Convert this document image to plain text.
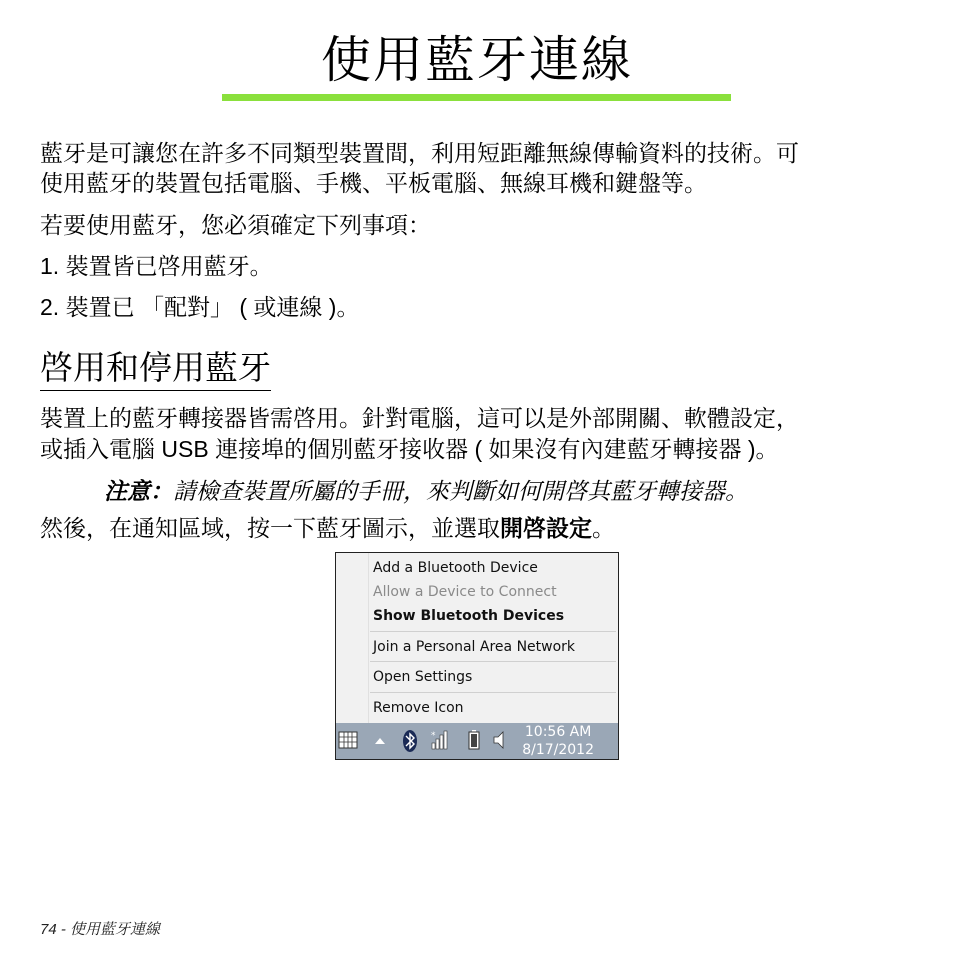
使用藍牙連線
藍牙是可讓您在許多不同類型裝置間，利用短距離無線傳輸資料的技術。可
使用藍牙的裝置包括電腦、手機、平板電腦、無線耳機和鍵盤等。
若要使用藍牙，您必須確定下列事項：
1. 裝置皆已啓用藍牙。
2. 裝置已 「配對」 ( 或連線 )。
啓用和停用藍牙
裝置上的藍牙轉接器皆需啓用。針對電腦，這可以是外部開關、軟體設定，
或插入電腦 USB 連接埠的個別藍牙接收器 ( 如果沒有內建藍牙轉接器 )。
注意：請檢查裝置所屬的手冊，來判斷如何開啓其藍牙轉接器。
然後，在通知區域，按一下藍牙圖示，並選取開啓設定。
Add a Bluetooth Device
Allow a Device to Connect
Show Bluetooth Devices
Join a Personal Area Network
Open Settings
Remove Icon
*	10:56 AM
8/17/2012
74 - 使用藍牙連線
